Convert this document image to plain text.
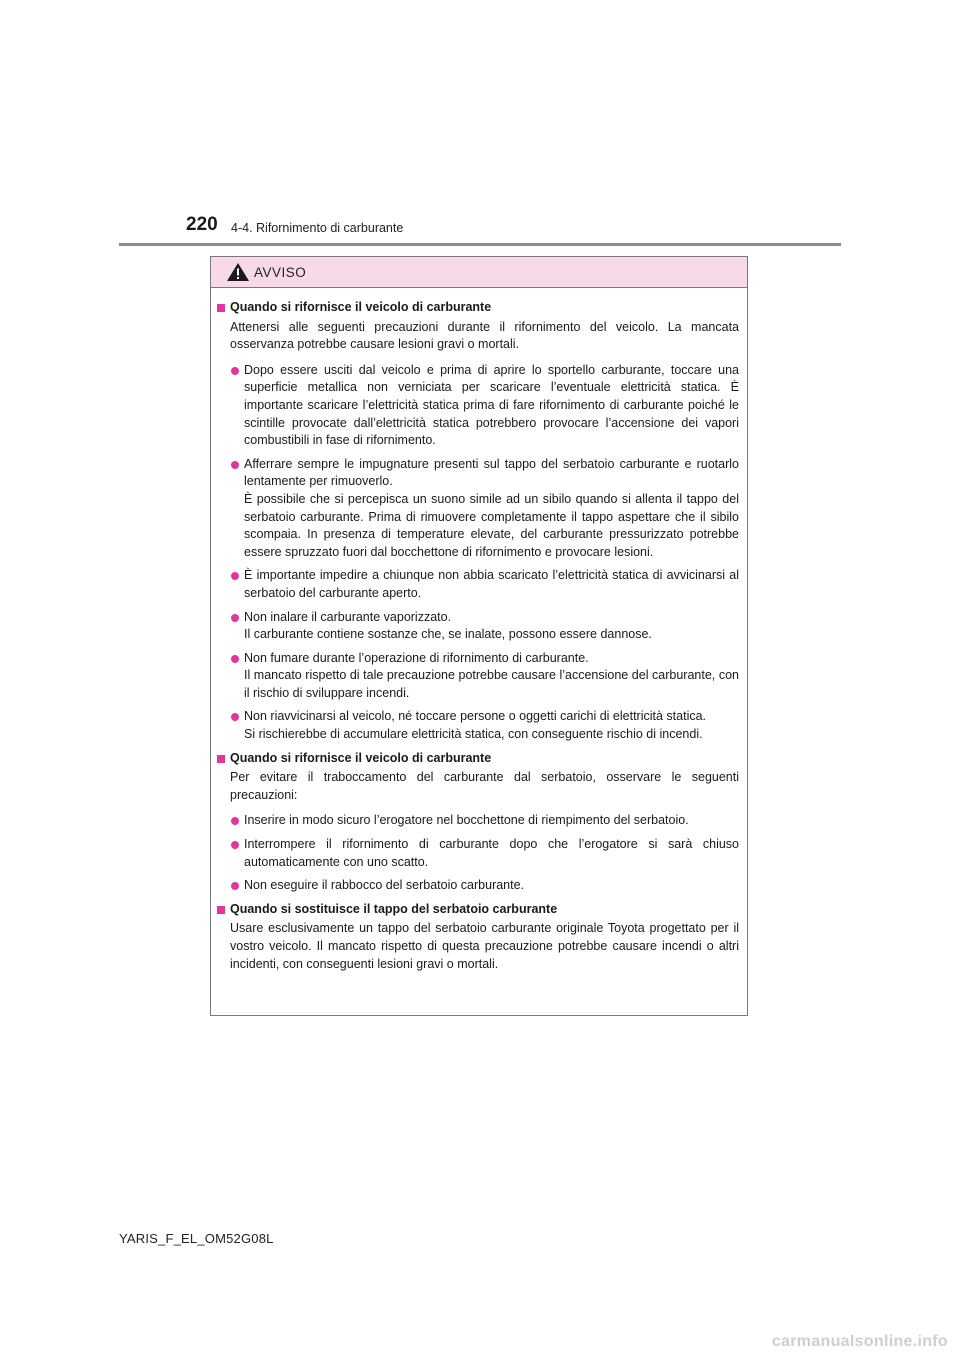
220 4-4. Rifornimento di carburante
AVVISO
Quando si rifornisce il veicolo di carburante
Attenersi alle seguenti precauzioni durante il rifornimento del veicolo. La mancata osservanza potrebbe causare lesioni gravi o mortali.
Dopo essere usciti dal veicolo e prima di aprire lo sportello carburante, toccare una superficie metallica non verniciata per scaricare l’eventuale elettricità statica. È importante scaricare l’elettricità statica prima di fare rifornimento di carburante poiché le scintille provocate dall’elettricità statica potrebbero provocare l’accensione dei vapori combustibili in fase di rifornimento.
Afferrare sempre le impugnature presenti sul tappo del serbatoio carburante e ruotarlo lentamente per rimuoverlo.
È possibile che si percepisca un suono simile ad un sibilo quando si allenta il tappo del serbatoio carburante. Prima di rimuovere completamente il tappo aspettare che il sibilo scompaia. In presenza di temperature elevate, del carburante pressurizzato potrebbe essere spruzzato fuori dal bocchettone di rifornimento e provocare lesioni.
È importante impedire a chiunque non abbia scaricato l’elettricità statica di avvicinarsi al serbatoio del carburante aperto.
Non inalare il carburante vaporizzato.
Il carburante contiene sostanze che, se inalate, possono essere dannose.
Non fumare durante l’operazione di rifornimento di carburante.
Il mancato rispetto di tale precauzione potrebbe causare l’accensione del carburante, con il rischio di sviluppare incendi.
Non riavvicinarsi al veicolo, né toccare persone o oggetti carichi di elettricità statica.
Si rischierebbe di accumulare elettricità statica, con conseguente rischio di incendi.
Quando si rifornisce il veicolo di carburante
Per evitare il traboccamento del carburante dal serbatoio, osservare le seguenti precauzioni:
Inserire in modo sicuro l’erogatore nel bocchettone di riempimento del serbatoio.
Interrompere il rifornimento di carburante dopo che l’erogatore si sarà chiuso automaticamente con uno scatto.
Non eseguire il rabbocco del serbatoio carburante.
Quando si sostituisce il tappo del serbatoio carburante
Usare esclusivamente un tappo del serbatoio carburante originale Toyota progettato per il vostro veicolo. Il mancato rispetto di questa precauzione potrebbe causare incendi o altri incidenti, con conseguenti lesioni gravi o mortali.
YARIS_F_EL_OM52G08L
carmanualsonline.info
